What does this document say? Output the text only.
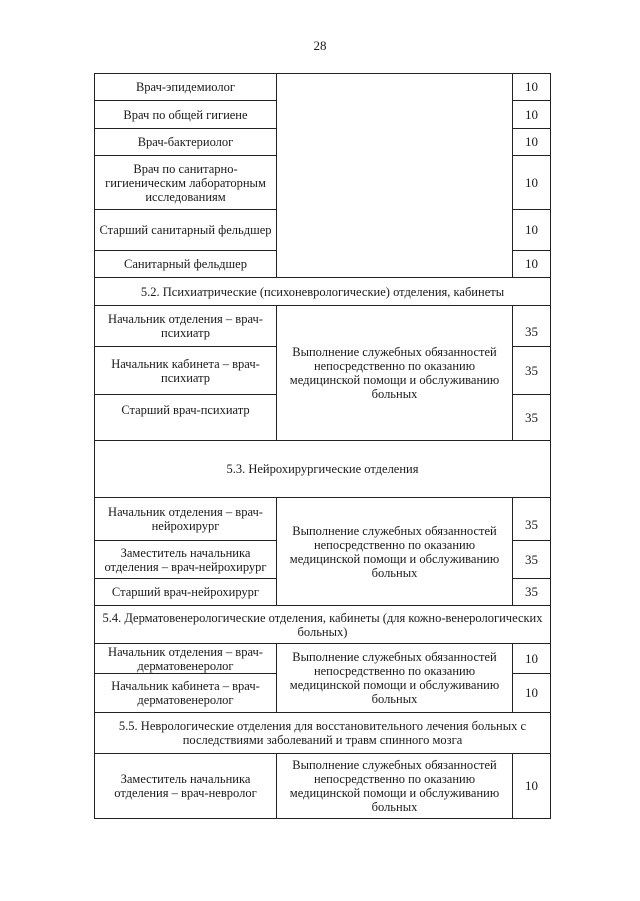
28
Врач-эпидемиолог		10
Врач по общей гигиене		10
Врач-бактериолог		10
Врач по санитарно-гигиеническим лабораторным исследованиям		10
Старший санитарный фельдшер		10
Санитарный фельдшер		10
5.2. Психиатрические (психоневрологические) отделения, кабинеты		
Начальник отделения – врач-психиатр	Выполнение служебных обязанностей непосредственно по оказанию медицинской помощи и обслуживанию больных	35
Начальник кабинета – врач-психиатр		35
Старший врач-психиатр		35
5.3. Нейрохирургические отделения		
Начальник отделения – врач-нейрохирург	Выполнение служебных обязанностей непосредственно по оказанию медицинской помощи и обслуживанию больных	35
Заместитель начальника отделения – врач-нейрохирург		35
Старший врач-нейрохирург		35
5.4. Дерматовенерологические отделения, кабинеты (для кожно-венерологических больных)		
Начальник отделения – врач-дерматовенеролог	Выполнение служебных обязанностей непосредственно по оказанию медицинской помощи и обслуживанию больных	10
Начальник кабинета – врач-дерматовенеролог		10
5.5. Неврологические отделения для восстановительного лечения больных с последствиями заболеваний и травм спинного мозга		
Заместитель начальника отделения – врач-невролог	Выполнение служебных обязанностей непосредственно по оказанию медицинской помощи и обслуживанию больных	10
